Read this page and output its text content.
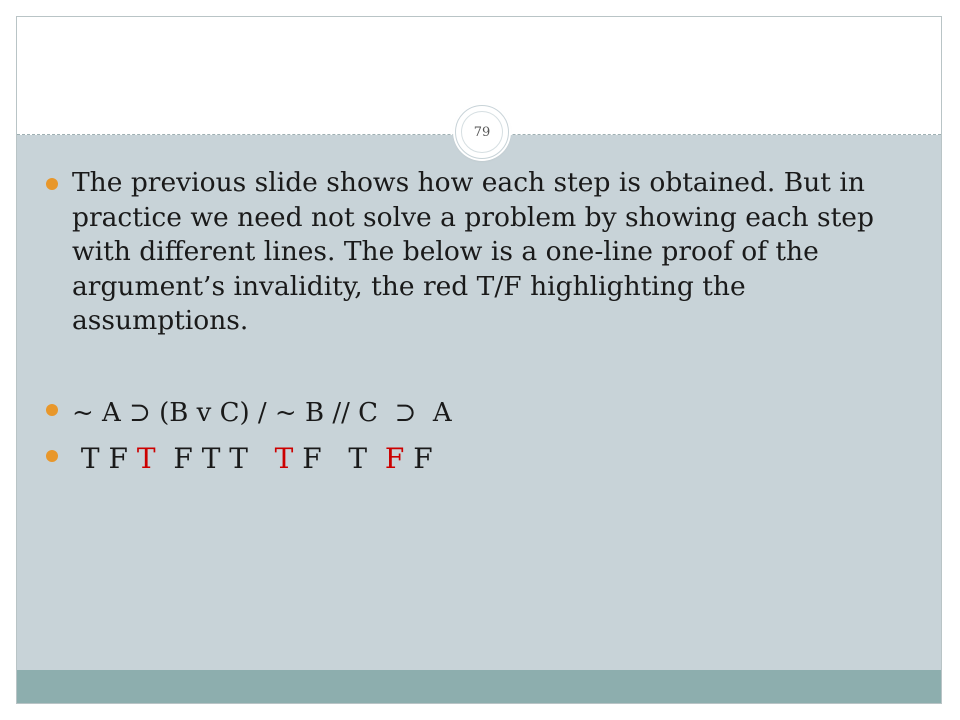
79
The previous slide shows how each step is obtained. But in practice we need not solve a problem by showing each step with different lines. The below is a one-line proof of the argument’s invalidity, the red T/F highlighting the assumptions.
~ A ⊃ (B v C) / ~ B // C  ⊃  A
T F T F T T T F T F F
